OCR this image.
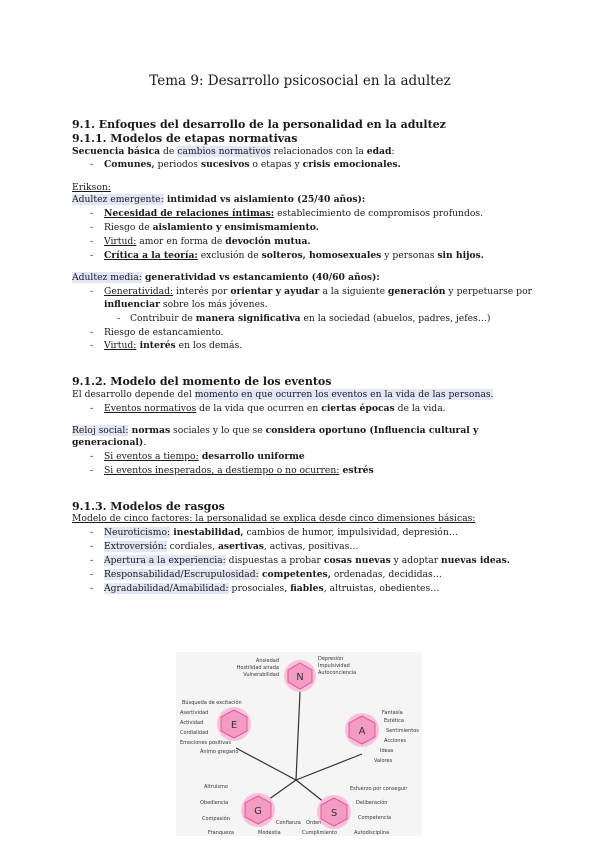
Tema 9: Desarrollo psicosocial en la adultez
9.1. Enfoques del desarrollo de la personalidad en la adultez
9.1.1. Modelos de etapas normativas

Secuencia básica de cambios normativos relacionados con la edad:

- Comunes, periodos sucesivos o etapas y crisis emocionales.

Erikson:

Adultez emergente: intimidad vs aislamiento (25/40 años):

- Necesidad de relaciones íntimas: establecimiento de compromisos profundos.
- Riesgo de aislamiento y ensimismamiento.
- Virtud: amor en forma de devoción mutua.
- Crítica a la teoría: exclusión de solteros, homosexuales y personas sin hijos.

Adultez media: generatividad vs estancamiento (40/60 años):

- Generatividad: interés por orientar y ayudar a la siguiente generación y perpetuarse por influenciar sobre los más jóvenes.
- Contribuir de manera significativa en la sociedad (abuelos, padres, jefes…)
- Riesgo de estancamiento.
- Virtud: interés en los demás.
9.1.2. Modelo del momento de los eventos

El desarrollo depende del momento en que ocurren los eventos en la vida de las personas.

- Eventos normativos de la vida que ocurren en ciertas épocas de la vida.

Reloj social: normas sociales y lo que se considera oportuno (Influencia cultural y generacional).

- Si eventos a tiempo: desarrollo uniforme
- Si eventos inesperados, a destiempo o no ocurren: estrés
9.1.3. Modelos de rasgos

Modelo de cinco factores: la personalidad se explica desde cinco dimensiones básicas:

- Neuroticismo: inestabilidad, cambios de humor, impulsividad, depresión…
- Extroversión: cordiales, asertivas, activas, positivas…
- Apertura a la experiencia: dispuestas a probar cosas nuevas y adoptar nuevas ideas.
- Responsabilidad/Escrupulosidad: competentes, ordenadas, decididas…
- Agradabilidad/Amabilidad: prosociales, fiables, altruistas, obedientes…
N
Ansiedad
Hostilidad airada
Vulnerabilidad
Depresión
Impulsividad
Autoconciencia
E
Búsqueda de excitación
Asertividad
Actividad
Cordialidad
Emociones positivas
Ánimo gregario
A
Fantasía
Estética
Sentimientos
Acciones
Ideas
Valores
G
Altruismo
Obediencia
Compasión
Franqueza	Modestia
Confianza
S
Esfuerzo por conseguir
Deliberación
Competencia
Autodisciplina
Cumplimiento
Orden
